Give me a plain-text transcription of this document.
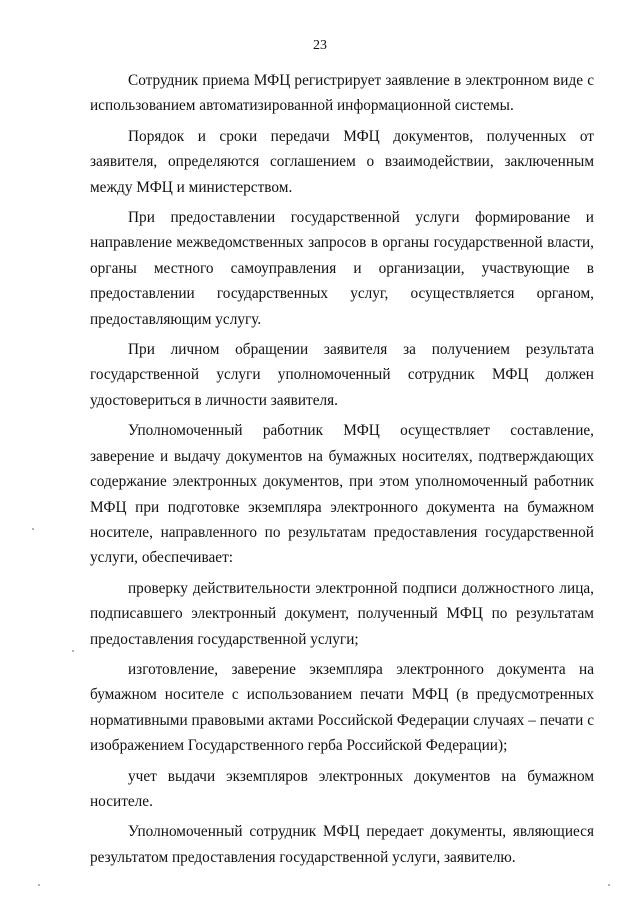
23

Сотрудник приема МФЦ регистрирует заявление в электронном виде с использованием автоматизированной информационной системы.

Порядок и сроки передачи МФЦ документов, полученных от заявителя, определяются соглашением о взаимодействии, заключенным между МФЦ и министерством.

При предоставлении государственной услуги формирование и направление межведомственных запросов в органы государственной власти, органы местного самоуправления и организации, участвующие в предоставлении государственных услуг, осуществляется органом, предоставляющим услугу.

При личном обращении заявителя за получением результата государственной услуги уполномоченный сотрудник МФЦ должен удостовериться в личности заявителя.

Уполномоченный работник МФЦ осуществляет составление, заверение и выдачу документов на бумажных носителях, подтверждающих содержание электронных документов, при этом уполномоченный работник МФЦ при подготовке экземпляра электронного документа на бумажном носителе, направленного по результатам предоставления государственной услуги, обеспечивает:

проверку действительности электронной подписи должностного лица, подписавшего электронный документ, полученный МФЦ по результатам предоставления государственной услуги;

изготовление, заверение экземпляра электронного документа на бумажном носителе с использованием печати МФЦ (в предусмотренных нормативными правовыми актами Российской Федерации случаях – печати с изображением Государственного герба Российской Федерации);

учет выдачи экземпляров электронных документов на бумажном носителе.

Уполномоченный сотрудник МФЦ передает документы, являющиеся результатом предоставления государственной услуги, заявителю.
